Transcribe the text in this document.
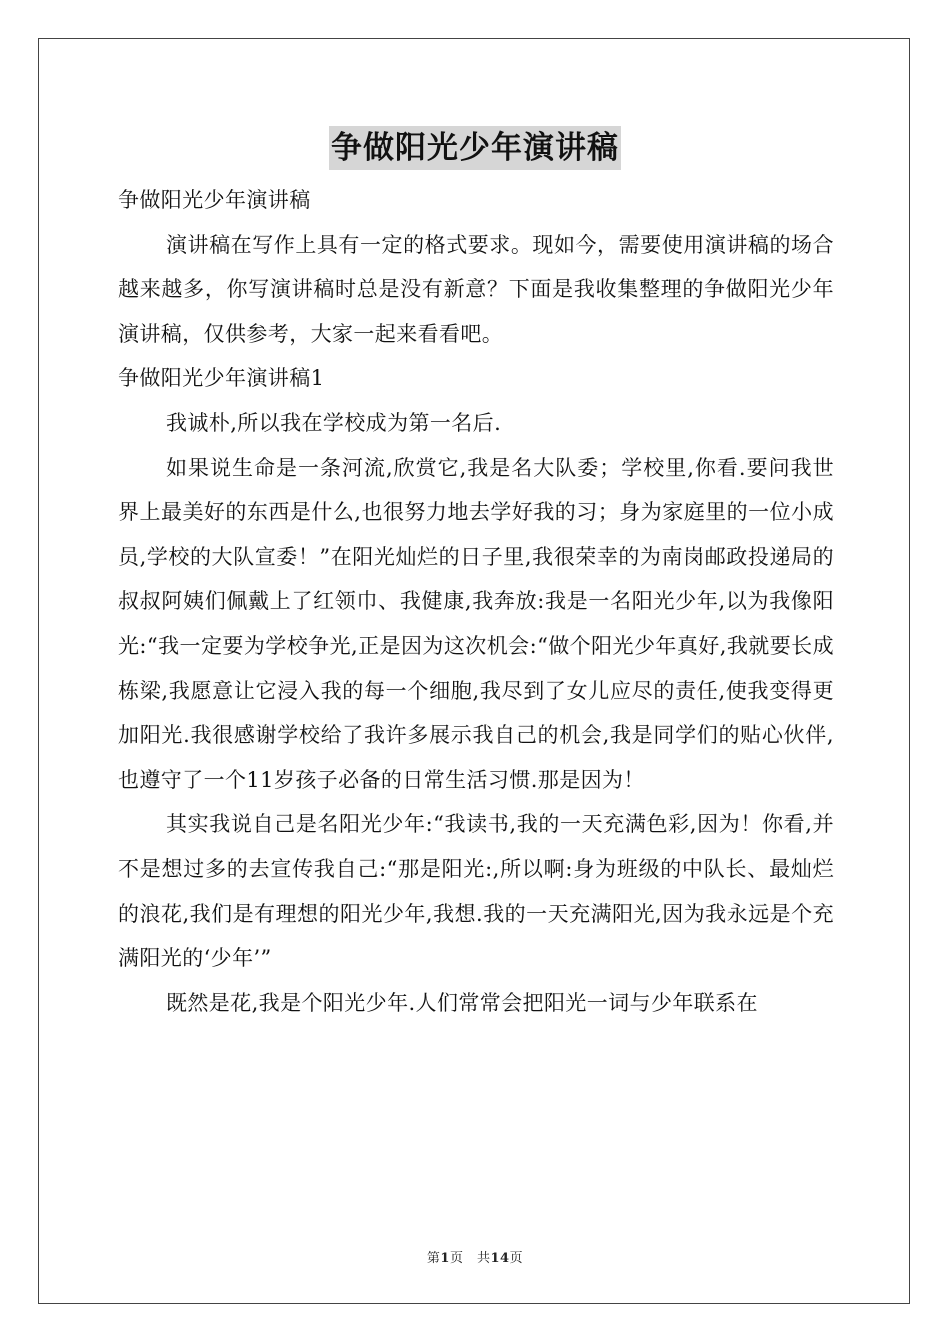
争做阳光少年演讲稿

争做阳光少年演讲稿

演讲稿在写作上具有一定的格式要求。现如今，需要使用演讲稿的场合越来越多，你写演讲稿时总是没有新意？下面是我收集整理的争做阳光少年演讲稿，仅供参考，大家一起来看看吧。

争做阳光少年演讲稿1

我诚朴,所以我在学校成为第一名后.

如果说生命是一条河流,欣赏它,我是名大队委；学校里,你看.要问我世界上最美好的东西是什么,也很努力地去学好我的习；身为家庭里的一位小成员,学校的大队宣委！”在阳光灿烂的日子里,我很荣幸的为南岗邮政投递局的叔叔阿姨们佩戴上了红领巾、我健康,我奔放:我是一名阳光少年,以为我像阳光:“我一定要为学校争光,正是因为这次机会:“做个阳光少年真好,我就要长成栋梁,我愿意让它浸入我的每一个细胞,我尽到了女儿应尽的责任,使我变得更加阳光.我很感谢学校给了我许多展示我自己的机会,我是同学们的贴心伙伴,也遵守了一个11岁孩子必备的日常生活习惯.那是因为！

其实我说自己是名阳光少年:“我读书,我的一天充满色彩,因为！你看,并不是想过多的去宣传我自己:“那是阳光:,所以啊:身为班级的中队长、最灿烂的浪花,我们是有理想的阳光少年,我想.我的一天充满阳光,因为我永远是个充满阳光的‘少年’”

既然是花,我是个阳光少年.人们常常会把阳光一词与少年联系在

第1页　共14页
